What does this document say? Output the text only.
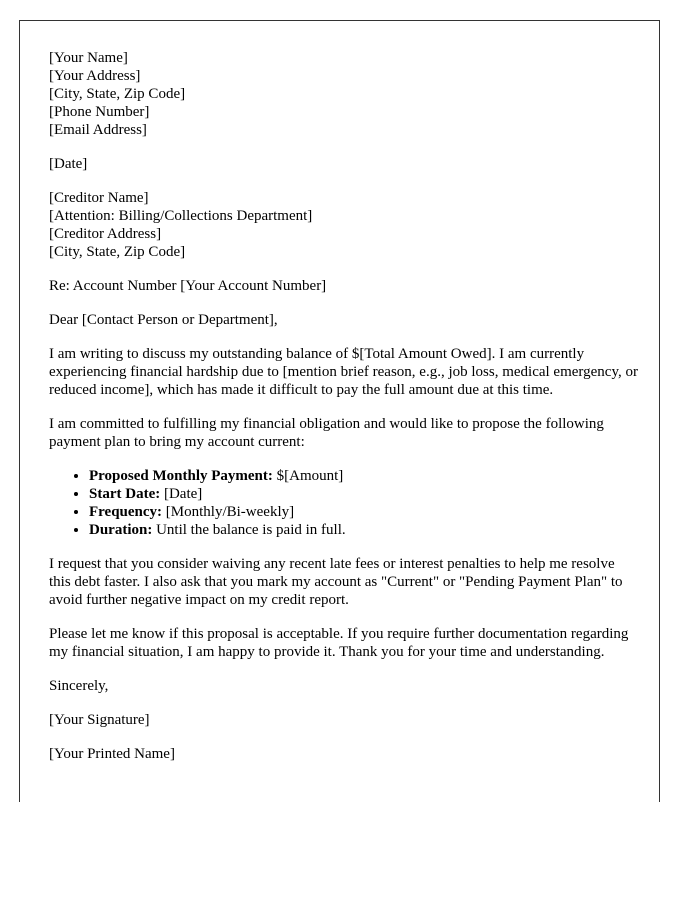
[Your Name]
[Your Address]
[City, State, Zip Code]
[Phone Number]
[Email Address]
[Date]
[Creditor Name]
[Attention: Billing/Collections Department]
[Creditor Address]
[City, State, Zip Code]

Re: Account Number [Your Account Number]

Dear [Contact Person or Department],

I am writing to discuss my outstanding balance of $[Total Amount Owed]. I am currently experiencing financial hardship due to [mention brief reason, e.g., job loss, medical emergency, or reduced income], which has made it difficult to pay the full amount due at this time.

I am committed to fulfilling my financial obligation and would like to propose the following payment plan to bring my account current:

• Proposed Monthly Payment: $[Amount]
• Start Date: [Date]
• Frequency: [Monthly/Bi-weekly]
• Duration: Until the balance is paid in full.

I request that you consider waiving any recent late fees or interest penalties to help me resolve this debt faster. I also ask that you mark my account as "Current" or "Pending Payment Plan" to avoid further negative impact on my credit report.

Please let me know if this proposal is acceptable. If you require further documentation regarding my financial situation, I am happy to provide it. Thank you for your time and understanding.

Sincerely,

[Your Signature]

[Your Printed Name]
